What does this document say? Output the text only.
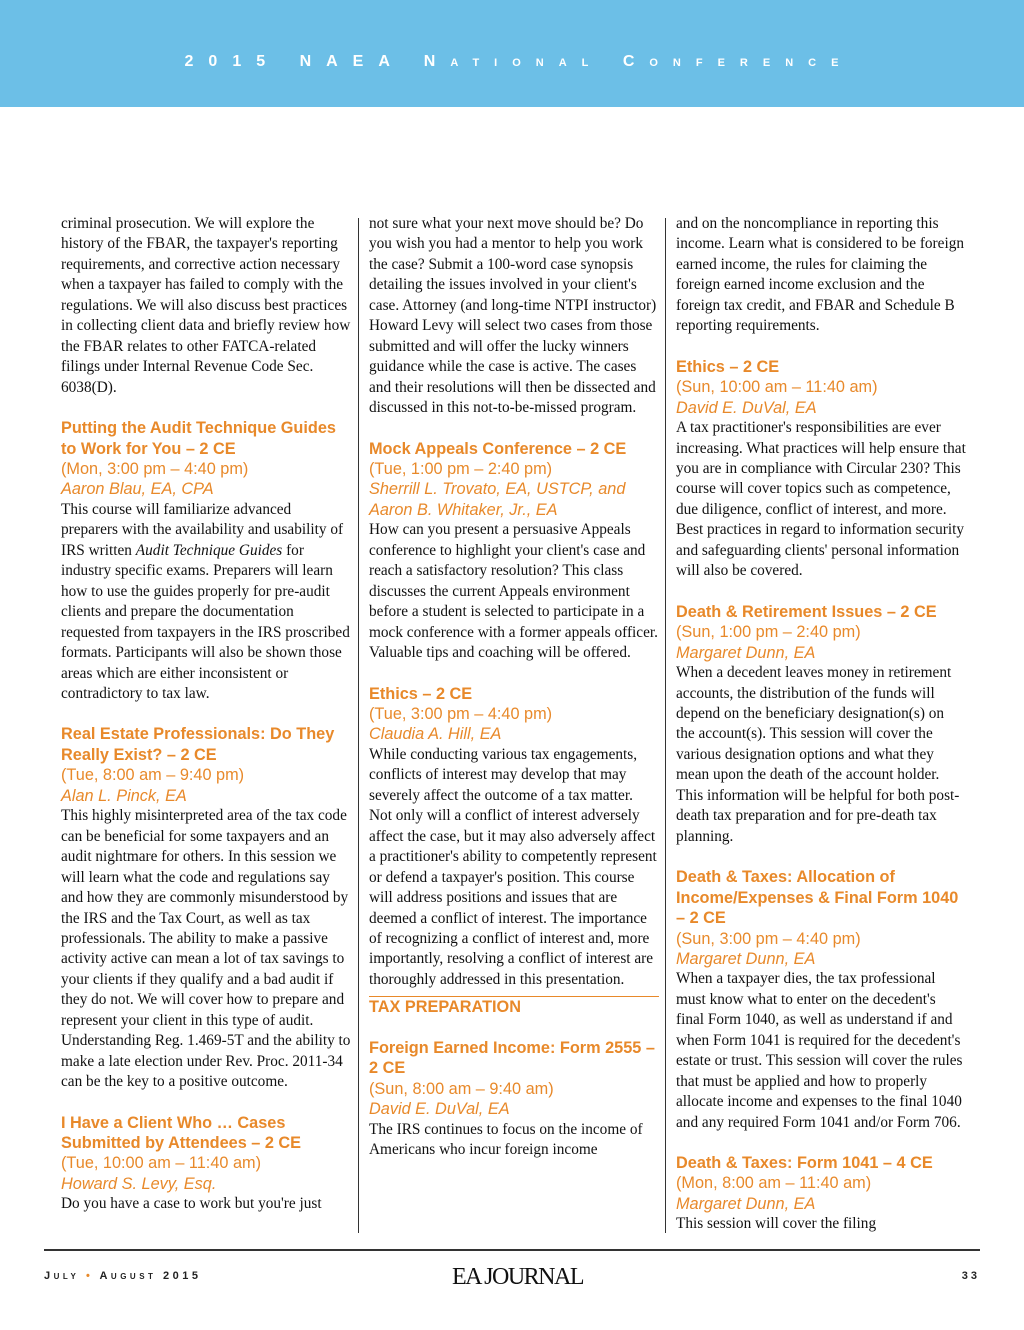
2015 NAEA National Conference

criminal prosecution. We will explore the history of the FBAR, the taxpayer's reporting requirements, and corrective action necessary when a taxpayer has failed to comply with the regulations. We will also discuss best practices in collecting client data and briefly review how the FBAR relates to other FATCA-related filings under Internal Revenue Code Sec. 6038(D).

Putting the Audit Technique Guides to Work for You – 2 CE
(Mon, 3:00 pm – 4:40 pm)
Aaron Blau, EA, CPA

This course will familiarize advanced preparers with the availability and usability of IRS written Audit Technique Guides for industry specific exams. Preparers will learn how to use the guides properly for pre-audit clients and prepare the documentation requested from taxpayers in the IRS proscribed formats. Participants will also be shown those areas which are either inconsistent or contradictory to tax law.

Real Estate Professionals: Do They Really Exist? – 2 CE
(Tue, 8:00 am – 9:40 pm)
Alan L. Pinck, EA

This highly misinterpreted area of the tax code can be beneficial for some taxpayers and an audit nightmare for others. In this session we will learn what the code and regulations say and how they are commonly misunderstood by the IRS and the Tax Court, as well as tax professionals. The ability to make a passive activity active can mean a lot of tax savings to your clients if they qualify and a bad audit if they do not. We will cover how to prepare and represent your client in this type of audit. Understanding Reg. 1.469-5T and the ability to make a late election under Rev. Proc. 2011-34 can be the key to a positive outcome.

I Have a Client Who … Cases Submitted by Attendees – 2 CE
(Tue, 10:00 am – 11:40 am)
Howard S. Levy, Esq.

Do you have a case to work but you're just

not sure what your next move should be? Do you wish you had a mentor to help you work the case? Submit a 100-word case synopsis detailing the issues involved in your client's case. Attorney (and long-time NTPI instructor) Howard Levy will select two cases from those submitted and will offer the lucky winners guidance while the case is active. The cases and their resolutions will then be dissected and discussed in this not-to-be-missed program.

Mock Appeals Conference – 2 CE
(Tue, 1:00 pm – 2:40 pm)
Sherrill L. Trovato, EA, USTCP, and Aaron B. Whitaker, Jr., EA

How can you present a persuasive Appeals conference to highlight your client's case and reach a satisfactory resolution? This class discusses the current Appeals environment before a student is selected to participate in a mock conference with a former appeals officer. Valuable tips and coaching will be offered.

Ethics – 2 CE
(Tue, 3:00 pm – 4:40 pm)
Claudia A. Hill, EA

While conducting various tax engagements, conflicts of interest may develop that may severely affect the outcome of a tax matter. Not only will a conflict of interest adversely affect the case, but it may also adversely affect a practitioner's ability to competently represent or defend a taxpayer's position. This course will address positions and issues that are deemed a conflict of interest. The importance of recognizing a conflict of interest and, more importantly, resolving a conflict of interest are thoroughly addressed in this presentation.

TAX PREPARATION
Foreign Earned Income: Form 2555 – 2 CE
(Sun, 8:00 am – 9:40 am)
David E. DuVal, EA

The IRS continues to focus on the income of Americans who incur foreign income

and on the noncompliance in reporting this income. Learn what is considered to be foreign earned income, the rules for claiming the foreign earned income exclusion and the foreign tax credit, and FBAR and Schedule B reporting requirements.

Ethics – 2 CE
(Sun, 10:00 am – 11:40 am)
David E. DuVal, EA

A tax practitioner's responsibilities are ever increasing. What practices will help ensure that you are in compliance with Circular 230? This course will cover topics such as competence, due diligence, conflict of interest, and more. Best practices in regard to information security and safeguarding clients' personal information will also be covered.

Death & Retirement Issues – 2 CE
(Sun, 1:00 pm – 2:40 pm)
Margaret Dunn, EA

When a decedent leaves money in retirement accounts, the distribution of the funds will depend on the beneficiary designation(s) on the account(s). This session will cover the various designation options and what they mean upon the death of the account holder. This information will be helpful for both post-death tax preparation and for pre-death tax planning.

Death & Taxes: Allocation of Income/Expenses & Final Form 1040 – 2 CE
(Sun, 3:00 pm – 4:40 pm)
Margaret Dunn, EA

When a taxpayer dies, the tax professional must know what to enter on the decedent's final Form 1040, as well as understand if and when Form 1041 is required for the decedent's estate or trust. This session will cover the rules that must be applied and how to properly allocate income and expenses to the final 1040 and any required Form 1041 and/or Form 706.

Death & Taxes: Form 1041 – 4 CE
(Mon, 8:00 am – 11:40 am)
Margaret Dunn, EA

This session will cover the filing

July • August 2015	EA JOURNAL	33
